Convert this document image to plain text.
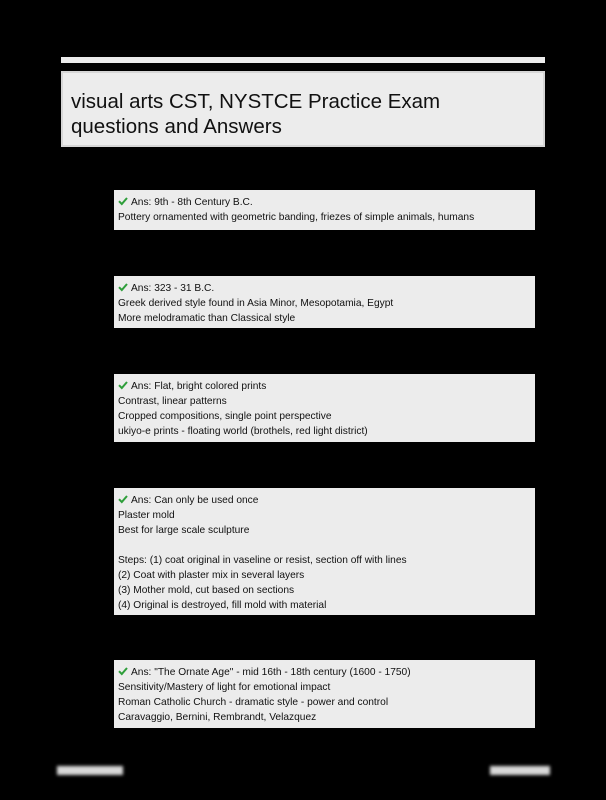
visual arts CST, NYSTCE Practice Exam questions and Answers
Ans: 9th - 8th Century B.C.
Pottery ornamented with geometric banding, friezes of simple animals, humans
Ans: 323 - 31 B.C.
Greek derived style found in Asia Minor, Mesopotamia, Egypt
More melodramatic than Classical style
Ans: Flat, bright colored prints
Contrast, linear patterns
Cropped compositions, single point perspective
ukiyo-e prints - floating world (brothels, red light district)
Ans: Can only be used once
Plaster mold
Best for large scale sculpture
Steps: (1) coat original in vaseline or resist, section off with lines
(2) Coat with plaster mix in several layers
(3) Mother mold, cut based on sections
(4) Original is destroyed, fill mold with material
Ans: "The Ornate Age" - mid 16th - 18th century (1600 - 1750)
Sensitivity/Mastery of light for emotional impact
Roman Catholic Church - dramatic style - power and control
Caravaggio, Bernini, Rembrandt, Velazquez
